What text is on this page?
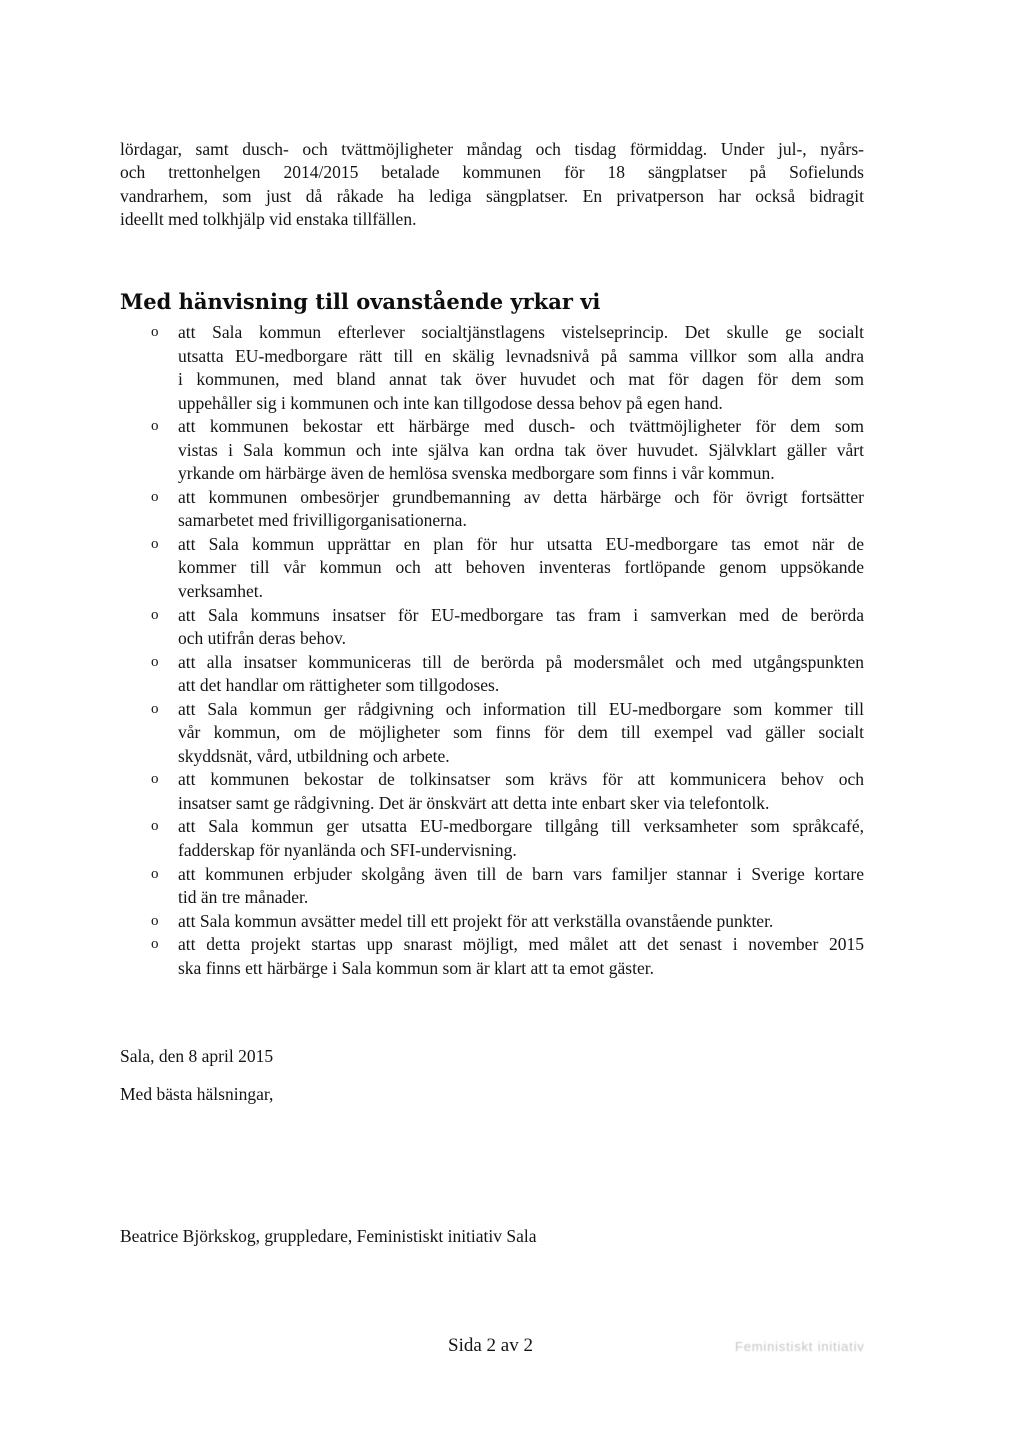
lördagar, samt dusch- och tvättmöjligheter måndag och tisdag förmiddag. Under jul-, nyårs-
och trettonhelgen 2014/2015 betalade kommunen för 18 sängplatser på Sofielunds
vandrarhem, som just då råkade ha lediga sängplatser. En privatperson har också bidragit
ideellt med tolkhjälp vid enstaka tillfällen.
Med hänvisning till ovanstående yrkar vi
o	att Sala kommun efterlever socialtjänstlagens vistelseprincip. Det skulle ge socialt
utsatta EU-medborgare rätt till en skälig levnadsnivå på samma villkor som alla andra
i kommunen, med bland annat tak över huvudet och mat för dagen för dem som
uppehåller sig i kommunen och inte kan tillgodose dessa behov på egen hand.
o	att kommunen bekostar ett härbärge med dusch- och tvättmöjligheter för dem som
vistas i Sala kommun och inte själva kan ordna tak över huvudet. Självklart gäller vårt
yrkande om härbärge även de hemlösa svenska medborgare som finns i vår kommun.
o	att kommunen ombesörjer grundbemanning av detta härbärge och för övrigt fortsätter
samarbetet med frivilligorganisationerna.
o	att Sala kommun upprättar en plan för hur utsatta EU-medborgare tas emot när de
kommer till vår kommun och att behoven inventeras fortlöpande genom uppsökande
verksamhet.
o	att Sala kommuns insatser för EU-medborgare tas fram i samverkan med de berörda
och utifrån deras behov.
o	att alla insatser kommuniceras till de berörda på modersmålet och med utgångspunkten
att det handlar om rättigheter som tillgodoses.
o	att Sala kommun ger rådgivning och information till EU-medborgare som kommer till
vår kommun, om de möjligheter som finns för dem till exempel vad gäller socialt
skyddsnät, vård, utbildning och arbete.
o	att kommunen bekostar de tolkinsatser som krävs för att kommunicera behov och
insatser samt ge rådgivning. Det är önskvärt att detta inte enbart sker via telefontolk.
o	att Sala kommun ger utsatta EU-medborgare tillgång till verksamheter som språkcafé,
fadderskap för nyanlända och SFI-undervisning.
o	att kommunen erbjuder skolgång även till de barn vars familjer stannar i Sverige kortare
tid än tre månader.
o	att Sala kommun avsätter medel till ett projekt för att verkställa ovanstående punkter.
o	att detta projekt startas upp snarast möjligt, med målet att det senast i november 2015
ska finns ett härbärge i Sala kommun som är klart att ta emot gäster.
Sala, den 8 april 2015
Med bästa hälsningar,
Beatrice Björkskog, gruppledare, Feministiskt initiativ Sala
Sida 2 av 2	Feministiskt initiativ
